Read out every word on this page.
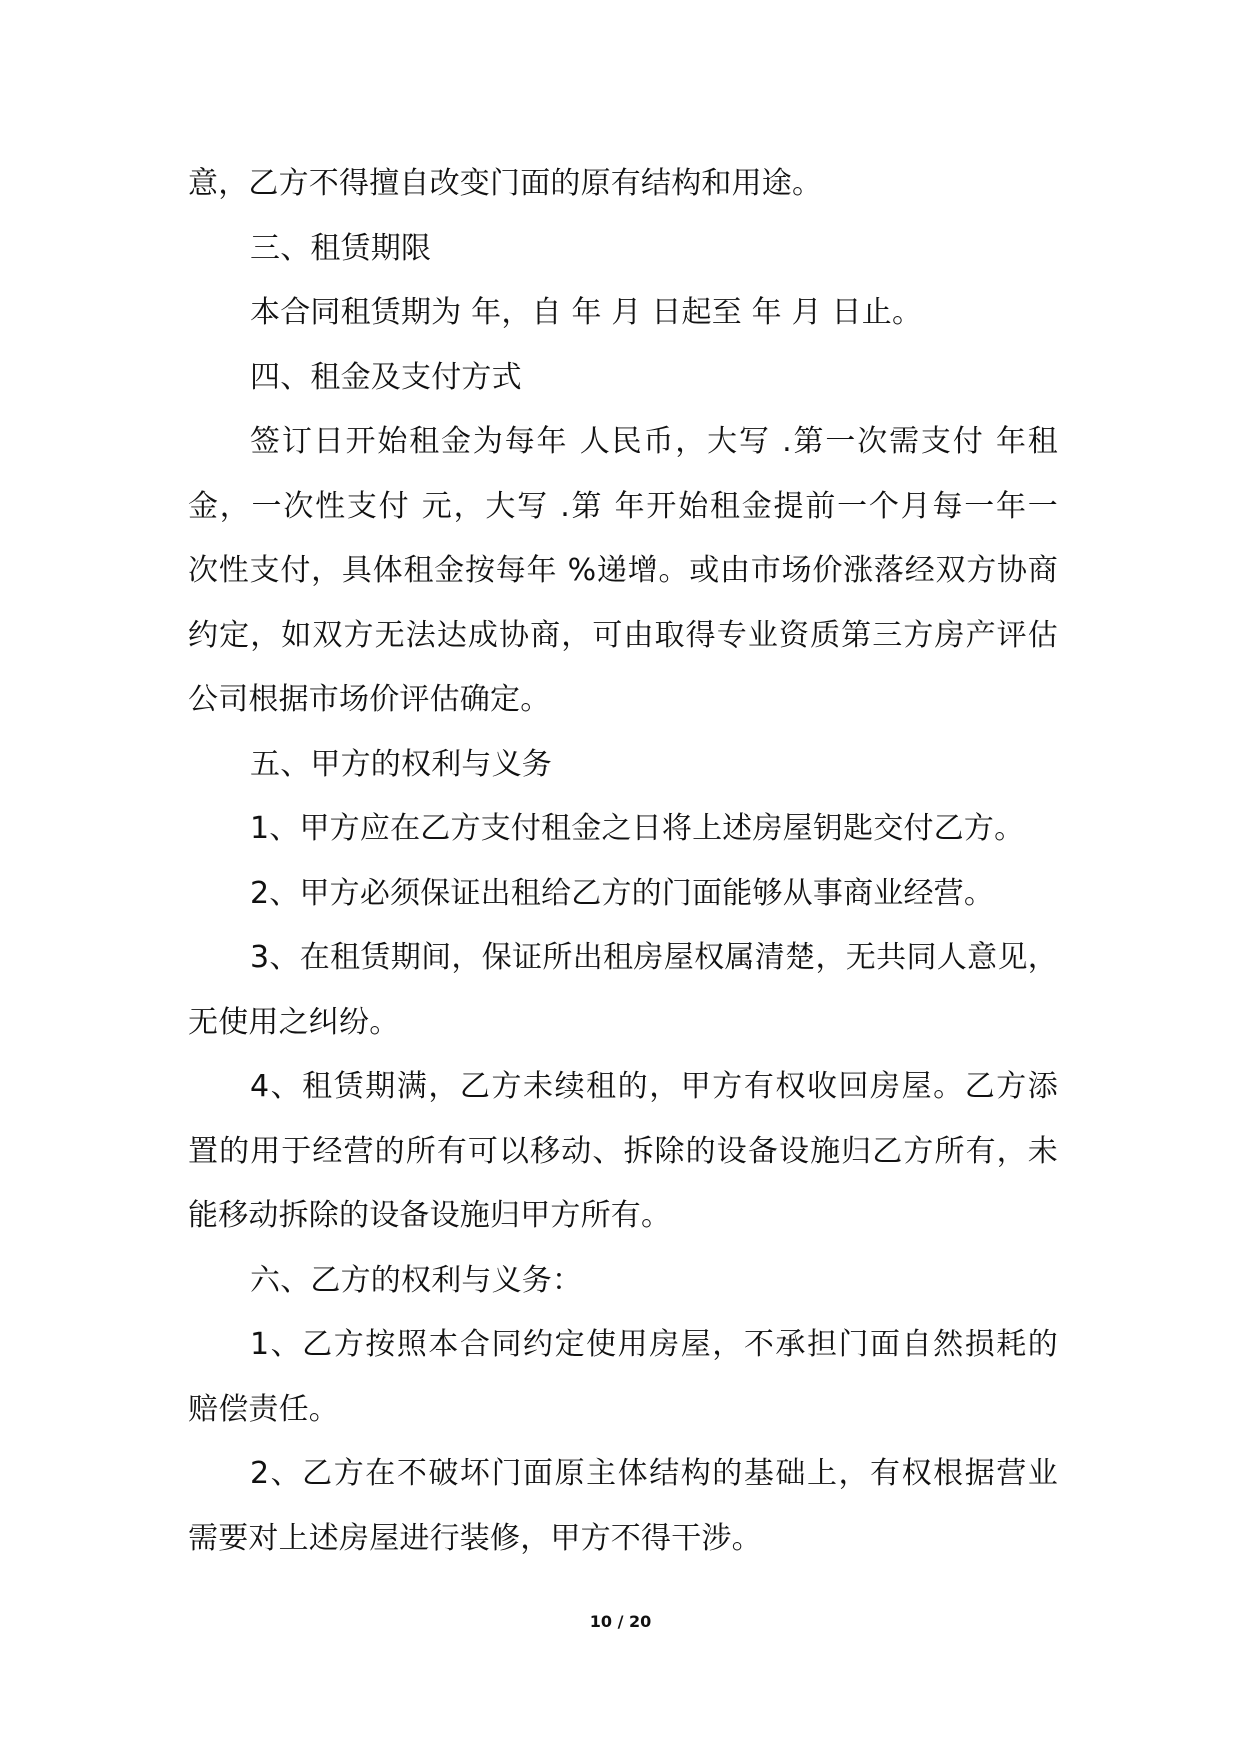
意，乙方不得擅自改变门面的原有结构和用途。
三、租赁期限
本合同租赁期为 年，自 年 月 日起至 年 月 日止。
四、租金及支付方式
签订日开始租金为每年 人民币，大写 .第一次需支付 年租
金，一次性支付 元，大写 .第 年开始租金提前一个月每一年一
次性支付，具体租金按每年 %递增。或由市场价涨落经双方协商
约定，如双方无法达成协商，可由取得专业资质第三方房产评估
公司根据市场价评估确定。
五、甲方的权利与义务
1、甲方应在乙方支付租金之日将上述房屋钥匙交付乙方。
2、甲方必须保证出租给乙方的门面能够从事商业经营。
3、在租赁期间，保证所出租房屋权属清楚，无共同人意见，
无使用之纠纷。
4、租赁期满，乙方未续租的，甲方有权收回房屋。乙方添
置的用于经营的所有可以移动、拆除的设备设施归乙方所有，未
能移动拆除的设备设施归甲方所有。
六、乙方的权利与义务：
1、乙方按照本合同约定使用房屋，不承担门面自然损耗的
赔偿责任。
2、乙方在不破坏门面原主体结构的基础上，有权根据营业
需要对上述房屋进行装修，甲方不得干涉。
10 / 20
